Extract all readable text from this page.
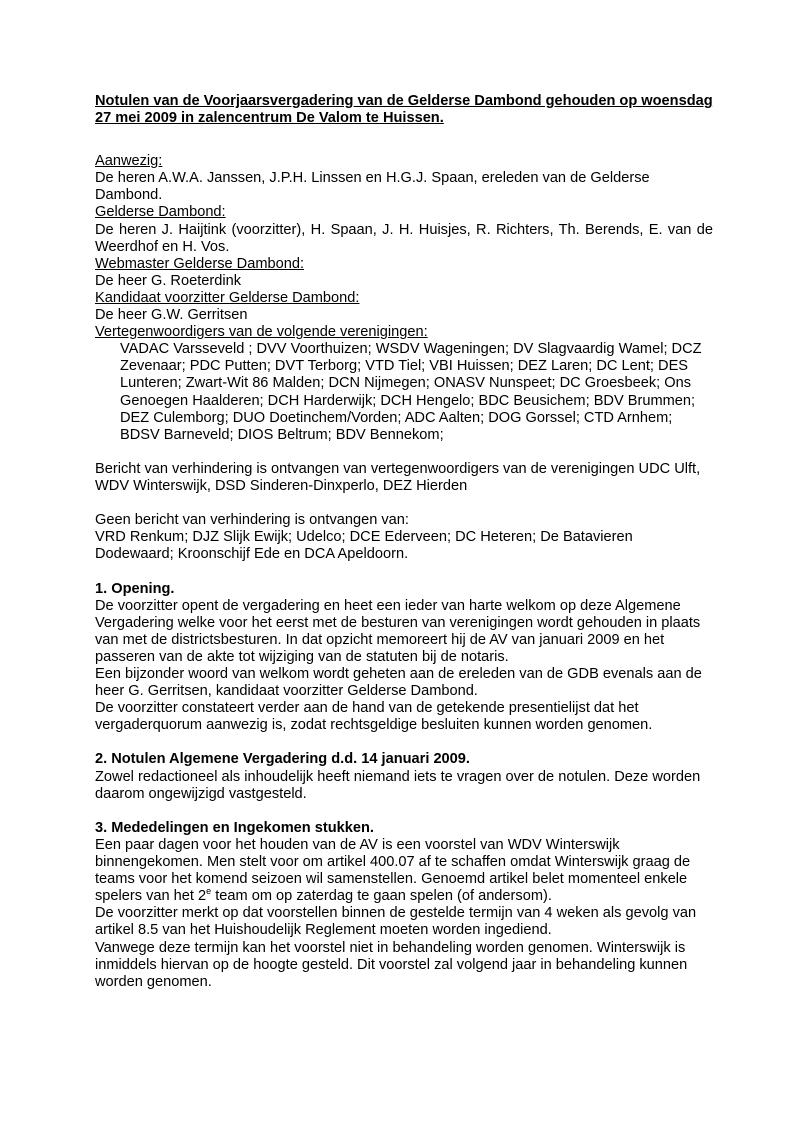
Notulen van de Voorjaarsvergadering van de Gelderse Dambond gehouden op woensdag 27 mei 2009 in zalencentrum De Valom te Huissen.

Aanwezig:

De heren A.W.A. Janssen, J.P.H. Linssen en H.G.J. Spaan, ereleden van de Gelderse Dambond.

Gelderse Dambond:

De heren J. Haijtink (voorzitter), H. Spaan, J. H. Huisjes, R. Richters, Th. Berends, E. van de Weerdhof en H. Vos.

Webmaster Gelderse Dambond:

De heer G. Roeterdink

Kandidaat voorzitter Gelderse Dambond:

De heer G.W. Gerritsen

Vertegenwoordigers van de volgende verenigingen:

VADAC Varsseveld ; DVV Voorthuizen; WSDV Wageningen; DV Slagvaardig Wamel; DCZ Zevenaar; PDC Putten; DVT Terborg; VTD Tiel; VBI Huissen; DEZ Laren; DC Lent; DES Lunteren; Zwart-Wit 86 Malden; DCN Nijmegen; ONASV Nunspeet; DC Groesbeek; Ons Genoegen Haalderen; DCH Harderwijk; DCH Hengelo; BDC Beusichem; BDV Brummen; DEZ Culemborg; DUO Doetinchem/Vorden; ADC Aalten; DOG Gorssel; CTD Arnhem; BDSV Barneveld; DIOS Beltrum; BDV Bennekom;

Bericht van verhindering is ontvangen van vertegenwoordigers van de verenigingen UDC Ulft, WDV Winterswijk, DSD Sinderen-Dinxperlo, DEZ Hierden

Geen bericht van verhindering is ontvangen van:

VRD Renkum; DJZ Slijk Ewijk; Udelco; DCE Ederveen; DC Heteren; De Batavieren Dodewaard; Kroonschijf Ede en DCA Apeldoorn.

1. Opening.

De voorzitter opent de vergadering en heet een ieder van harte welkom op deze Algemene Vergadering welke voor het eerst met de besturen van verenigingen wordt gehouden in plaats van met de districtsbesturen. In dat opzicht memoreert hij de AV van januari 2009 en het passeren van de akte tot wijziging van de statuten bij de notaris.

Een bijzonder woord van welkom wordt geheten aan de ereleden van de GDB evenals aan de heer G. Gerritsen, kandidaat voorzitter Gelderse Dambond.

De voorzitter constateert verder aan de hand van de getekende presentielijst dat het vergaderquorum aanwezig is, zodat rechtsgeldige besluiten kunnen worden genomen.

2. Notulen Algemene Vergadering d.d. 14 januari 2009.

Zowel redactioneel als inhoudelijk heeft niemand iets te vragen over de notulen. Deze worden daarom ongewijzigd vastgesteld.

3. Mededelingen en Ingekomen stukken.

Een paar dagen voor het houden van de AV is een voorstel van WDV Winterswijk binnengekomen. Men stelt voor om artikel 400.07 af te schaffen omdat Winterswijk graag de teams voor het komend seizoen wil samenstellen. Genoemd artikel belet momenteel enkele spelers van het 2e team om op zaterdag te gaan spelen (of andersom).

De voorzitter merkt op dat voorstellen binnen de gestelde termijn van 4 weken als gevolg van artikel 8.5 van het Huishoudelijk Reglement moeten worden ingediend.

Vanwege deze termijn kan het voorstel niet in behandeling worden genomen. Winterswijk is inmiddels hiervan op de hoogte gesteld. Dit voorstel zal volgend jaar in behandeling kunnen worden genomen.
